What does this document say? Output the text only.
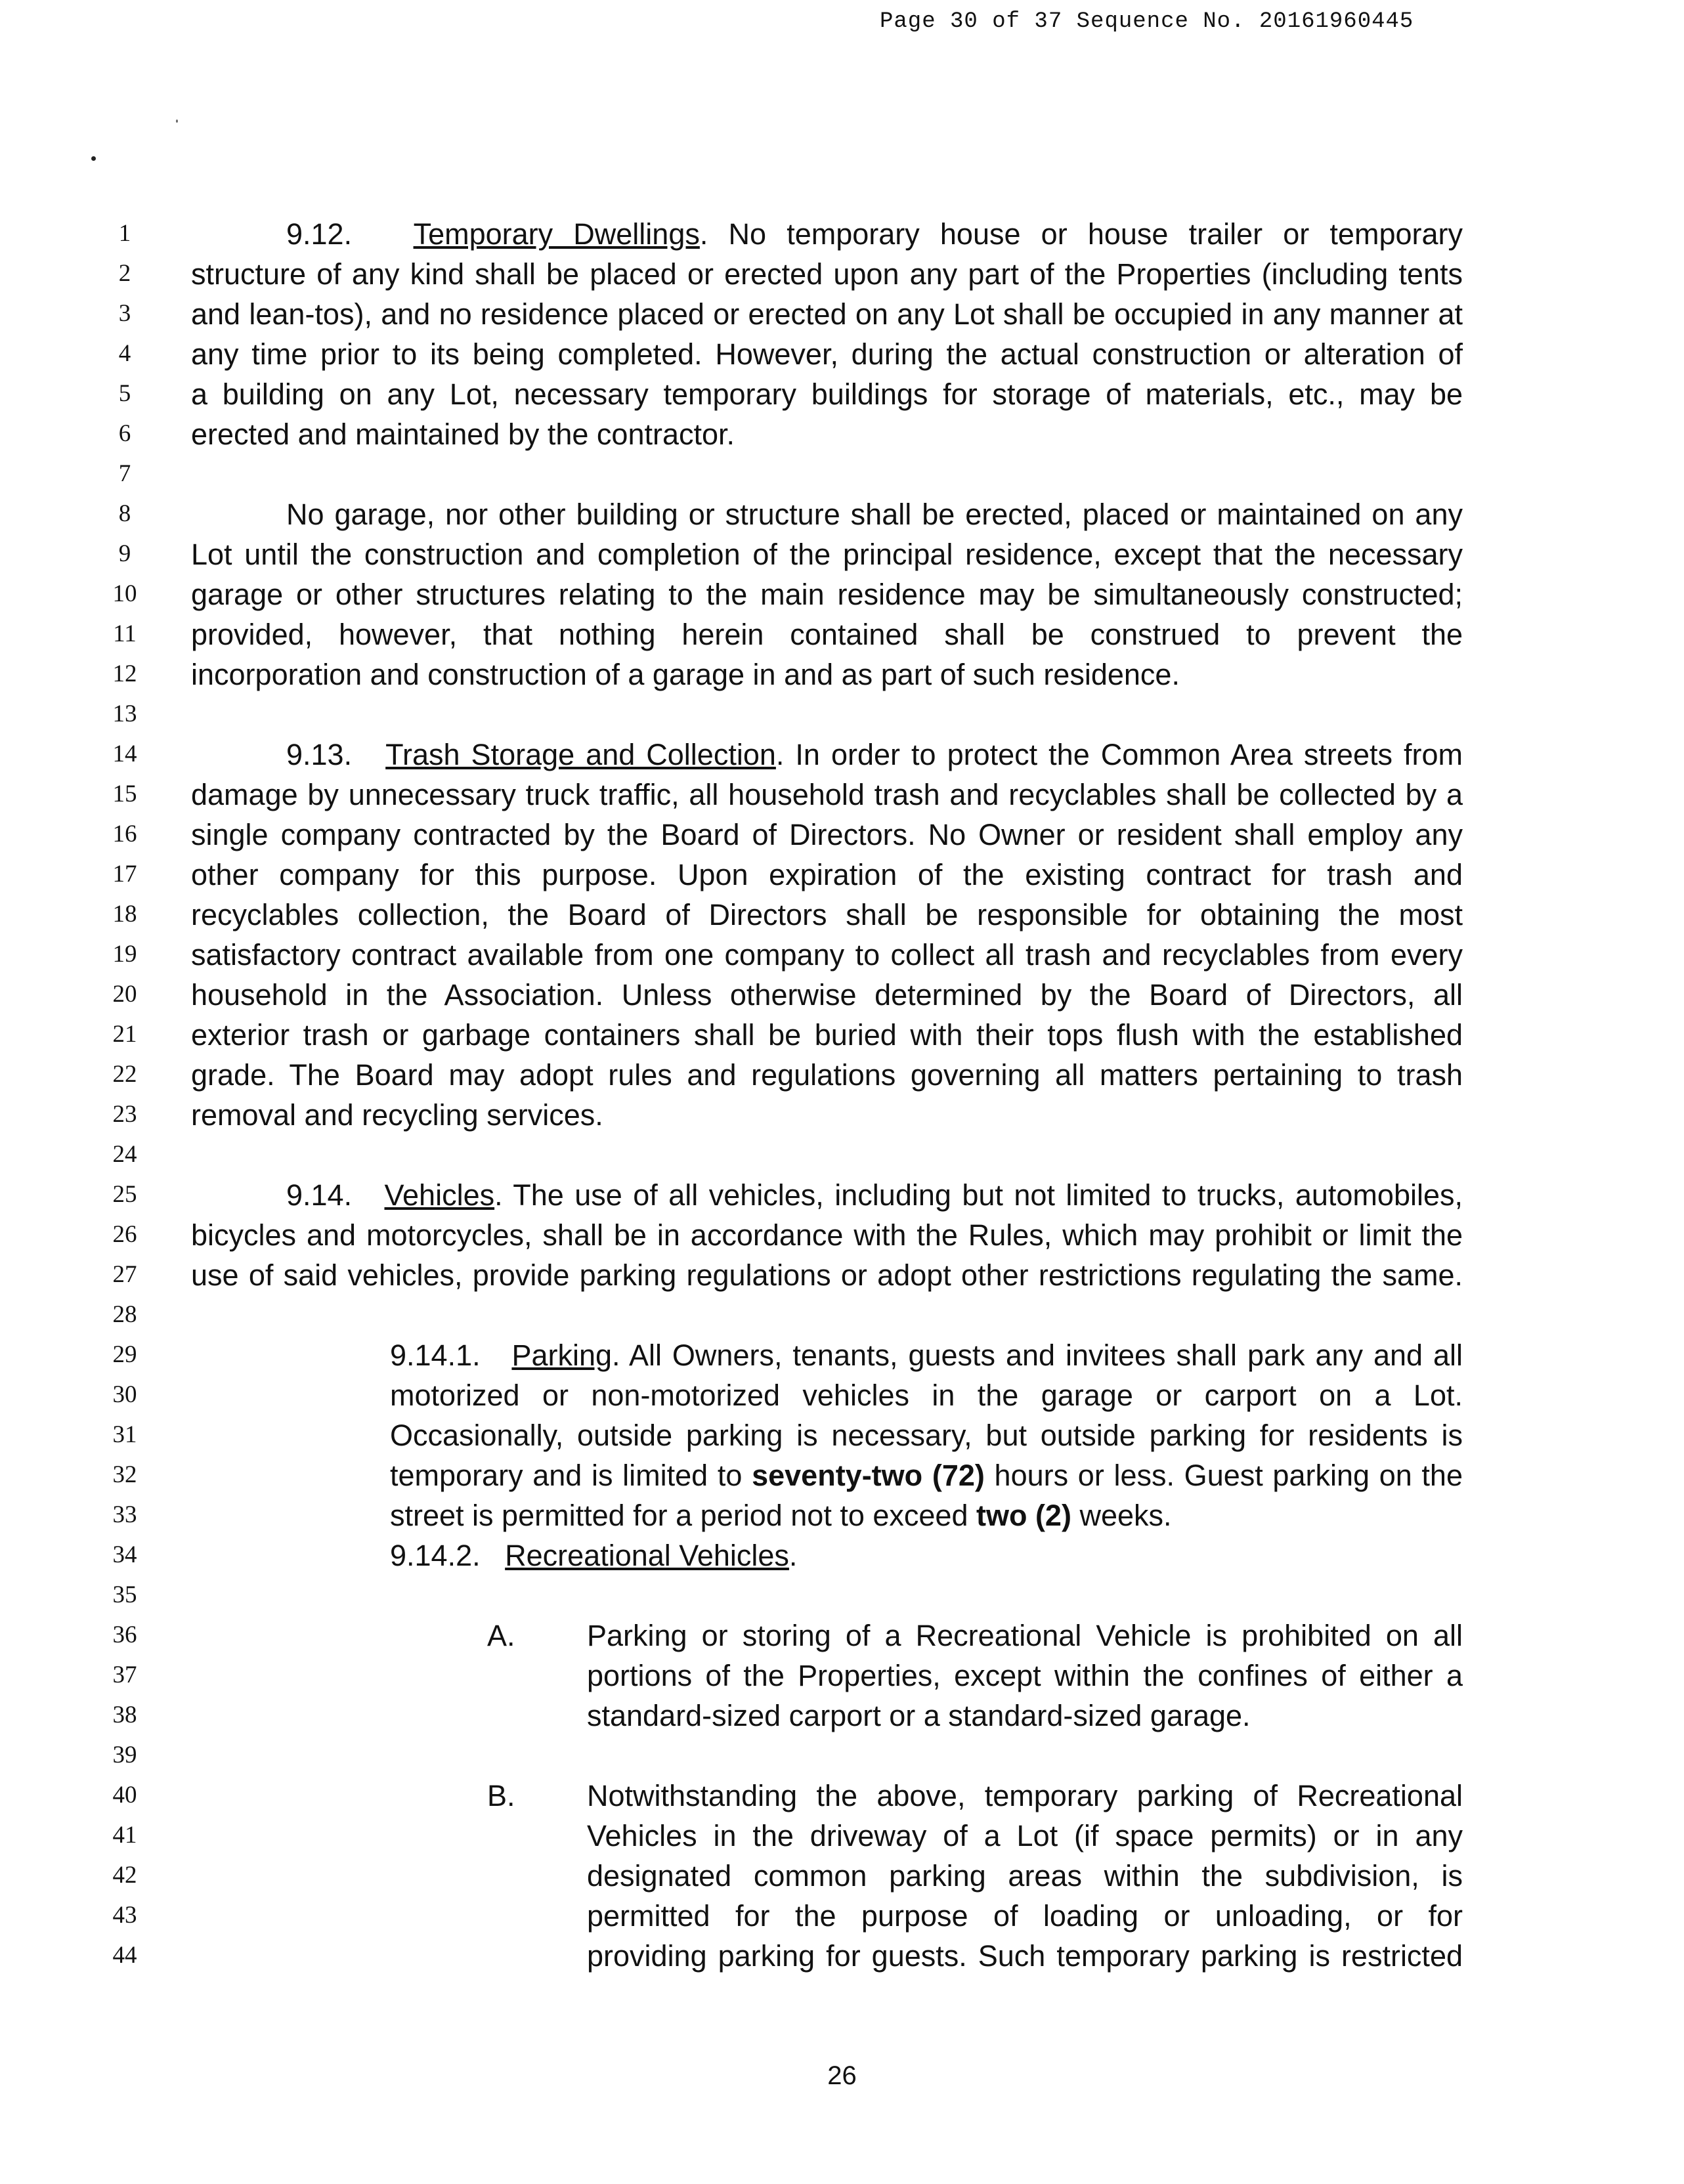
Page 30 of 37 Sequence No. 20161960445
1
2
3
4
5
6
7
8
9
10
11
12
13
14
15
16
17
18
19
20
21
22
23
24
25
26
27
28
29
30
31
32
33
34
35
36
37
38
39
40
41
42
43
44
9.12. Temporary Dwellings. No temporary house or house trailer or temporary
structure of any kind shall be placed or erected upon any part of the Properties (including tents
and lean-tos), and no residence placed or erected on any Lot shall be occupied in any manner at
any time prior to its being completed. However, during the actual construction or alteration of
a building on any Lot, necessary temporary buildings for storage of materials, etc., may be
erected and maintained by the contractor.
No garage, nor other building or structure shall be erected, placed or maintained on any
Lot until the construction and completion of the principal residence, except that the necessary
garage or other structures relating to the main residence may be simultaneously constructed;
provided, however, that nothing herein contained shall be construed to prevent the
incorporation and construction of a garage in and as part of such residence.
9.13. Trash Storage and Collection. In order to protect the Common Area streets from
damage by unnecessary truck traffic, all household trash and recyclables shall be collected by a
single company contracted by the Board of Directors. No Owner or resident shall employ any
other company for this purpose. Upon expiration of the existing contract for trash and
recyclables collection, the Board of Directors shall be responsible for obtaining the most
satisfactory contract available from one company to collect all trash and recyclables from every
household in the Association. Unless otherwise determined by the Board of Directors, all
exterior trash or garbage containers shall be buried with their tops flush with the established
grade. The Board may adopt rules and regulations governing all matters pertaining to trash
removal and recycling services.
9.14. Vehicles. The use of all vehicles, including but not limited to trucks, automobiles,
bicycles and motorcycles, shall be in accordance with the Rules, which may prohibit or limit the
use of said vehicles, provide parking regulations or adopt other restrictions regulating the same.
9.14.1. Parking. All Owners, tenants, guests and invitees shall park any and all
motorized or non-motorized vehicles in the garage or carport on a Lot.
Occasionally, outside parking is necessary, but outside parking for residents is
temporary and is limited to seventy-two (72) hours or less. Guest parking on the
street is permitted for a period not to exceed two (2) weeks.
9.14.2. Recreational Vehicles.
A. Parking or storing of a Recreational Vehicle is prohibited on all
portions of the Properties, except within the confines of either a
standard-sized carport or a standard-sized garage.
B. Notwithstanding the above, temporary parking of Recreational
Vehicles in the driveway of a Lot (if space permits) or in any
designated common parking areas within the subdivision, is
permitted for the purpose of loading or unloading, or for
providing parking for guests. Such temporary parking is restricted
26
